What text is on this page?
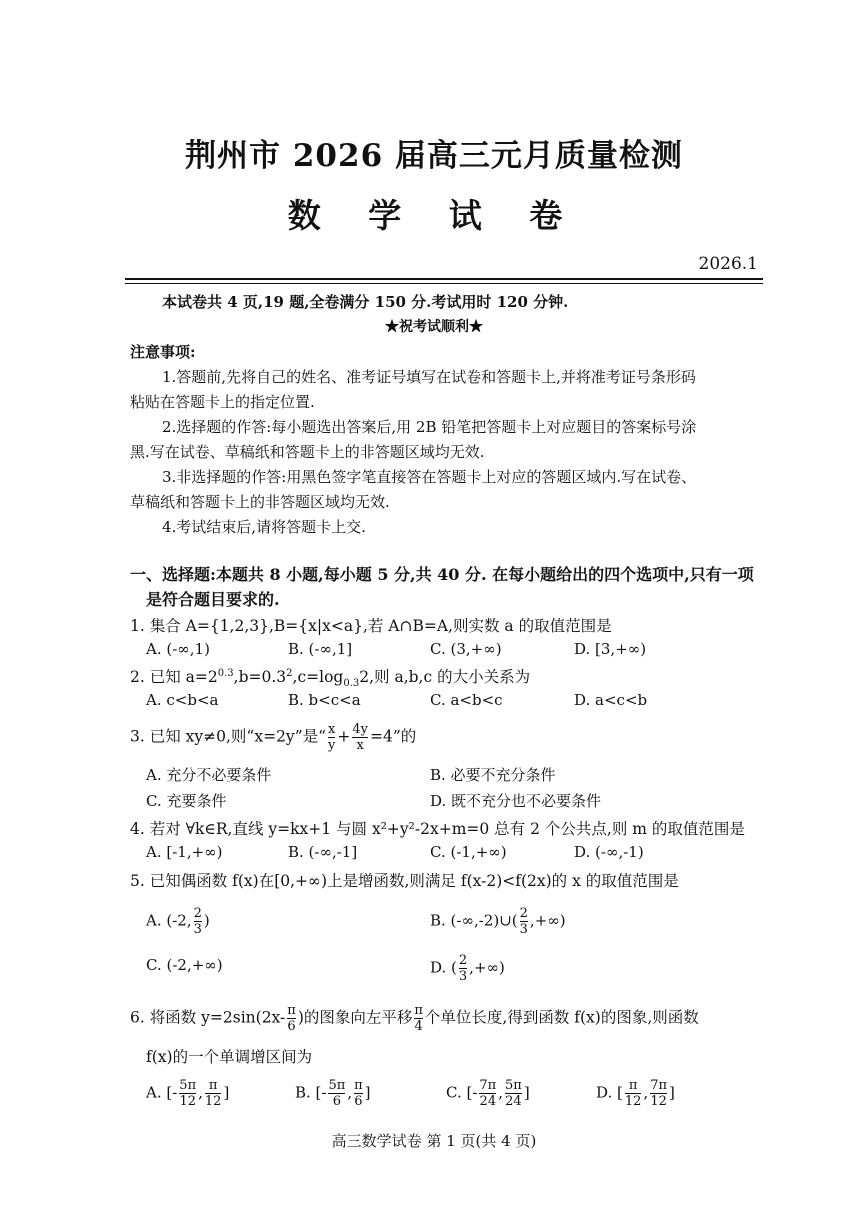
荆州市 2026 届高三元月质量检测
数 学 试 卷
2026.1
本试卷共 4 页,19 题,全卷满分 150 分.考试用时 120 分钟.
★祝考试顺利★
注意事项:
1.答题前,先将自己的姓名、准考证号填写在试卷和答题卡上,并将准考证号条形码
粘贴在答题卡上的指定位置.
2.选择题的作答:每小题选出答案后,用 2B 铅笔把答题卡上对应题目的答案标号涂
黑.写在试卷、草稿纸和答题卡上的非答题区域均无效.
3.非选择题的作答:用黑色签字笔直接答在答题卡上对应的答题区域内.写在试卷、
草稿纸和答题卡上的非答题区域均无效.
4.考试结束后,请将答题卡上交.
一、选择题:本题共 8 小题,每小题 5 分,共 40 分. 在每小题给出的四个选项中,只有一项
是符合题目要求的.
1. 集合 A={1,2,3},B={x|x<a},若 A∩B=A,则实数 a 的取值范围是
A. (-∞,1)	B. (-∞,1]	C. (3,+∞)	D. [3,+∞)
2. 已知 $a=2^{0.3},b=0.3^2,c=\log_{0.3}2$,则 a,b,c 的大小关系为
A. c<b<a	B. b<c<a	C. a<b<c	D. a<c<b
3. 已知 xy≠0,则“x=2y”是“ $\frac{x}{y} + \frac{4y}{x} =4$”的
A. 充分不必要条件	B. 必要不充分条件
C. 充要条件	D. 既不充分也不必要条件
4. 若对 ∀k∈R,直线 y=kx+1 与圆 x²+y²-2x+m=0 总有 2 个公共点,则 m 的取值范围是
A. [-1,+∞)	B. (-∞,-1]	C. (-1,+∞)	D. (-∞,-1)
5. 已知偶函数 f(x)在[0,+∞)上是增函数,则满足 f(x-2)<f(2x)的 x 的取值范围是
A. (-2, $\frac{2}{3}$ )	B. (-∞,-2)∪( $\frac{2}{3}$ ,+∞)
C. (-2,+∞)	D. ( $\frac{2}{3}$ ,+∞)
6. 将函数 $y=2\sin(2x- \frac{\pi}{6}$ )的图象向左平移 $\frac{\pi}{4}$ 个单位长度,得到函数 f(x)的图象,则函数
f(x)的一个单调增区间为
A. [- $\frac{5\pi}{12}$ , $\frac{\pi}{12}$ ]	B. [- $\frac{5\pi}{6}$ , $\frac{\pi}{6}$ ]	C. [- $\frac{7\pi}{24}$ , $\frac{5\pi}{24}$ ]	D. [ $\frac{\pi}{12}$ , $\frac{7\pi}{12}$ ]
高三数学试卷 第 1 页(共 4 页)
